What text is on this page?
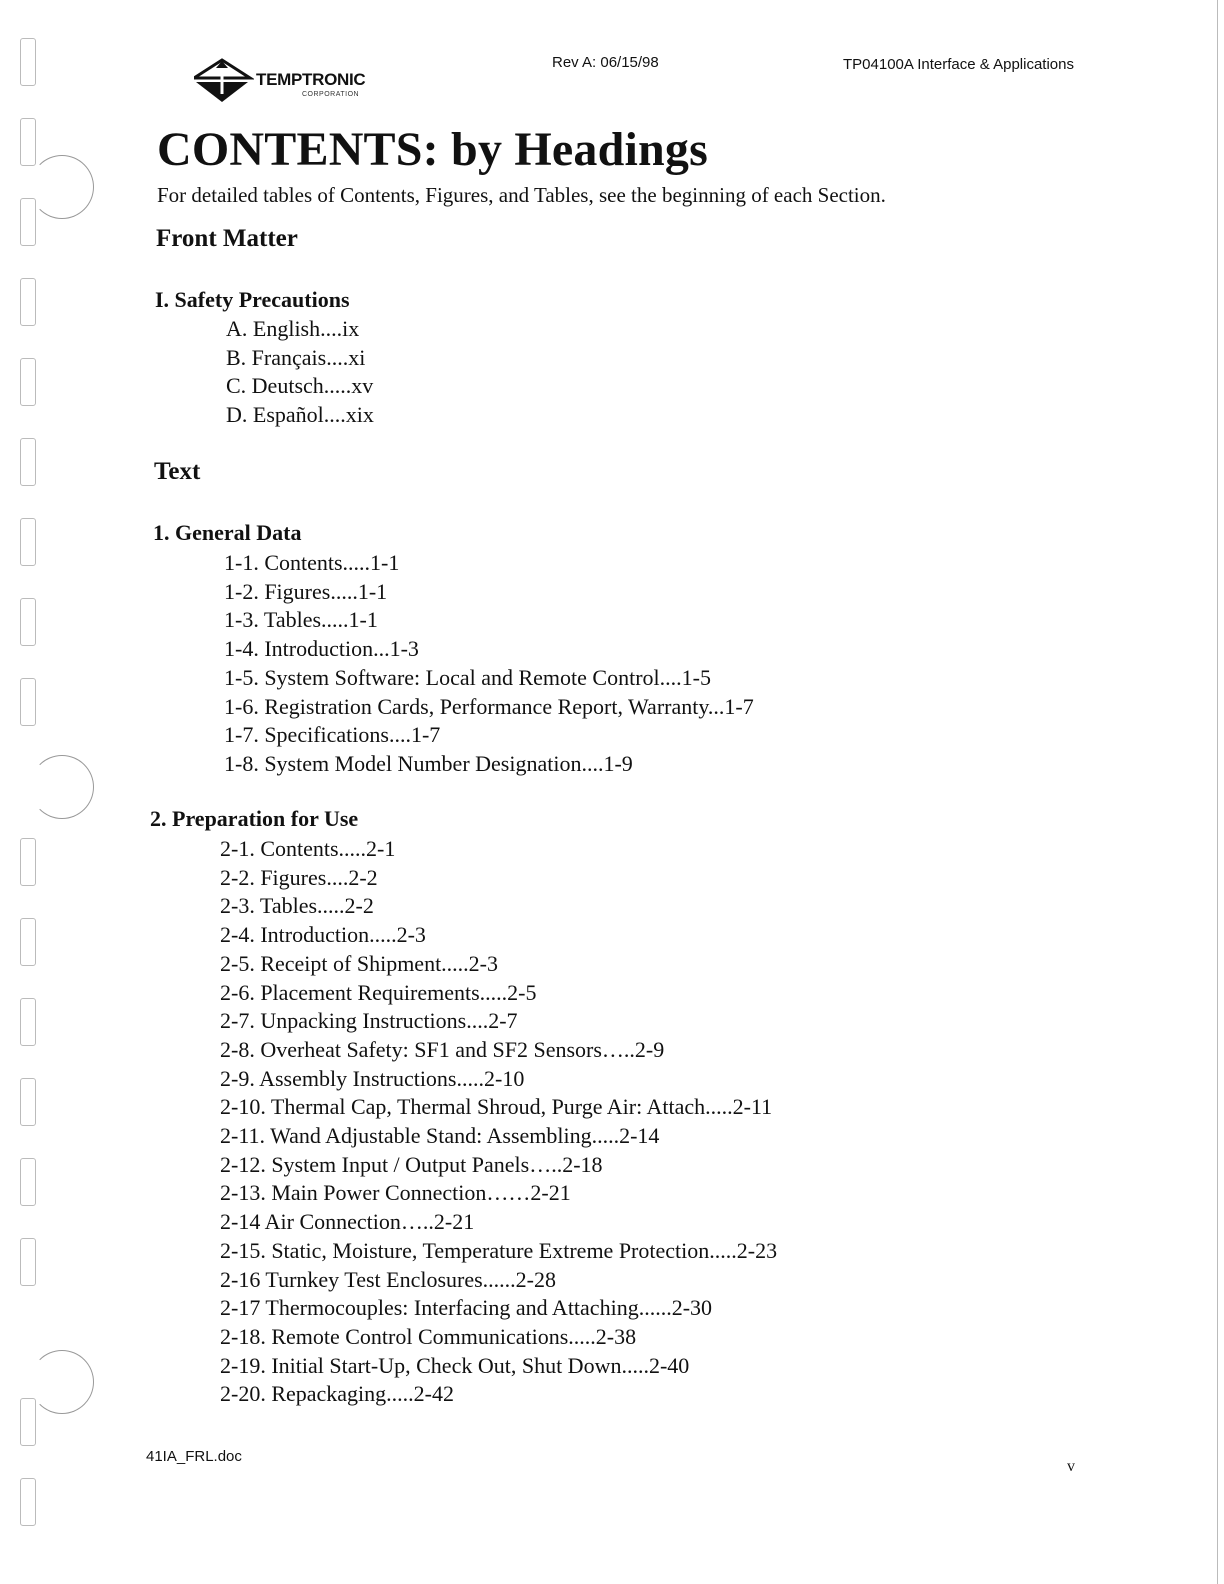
TEMPTRONIC
CORPORATION
Rev A: 06/15/98	TP04100A Interface & Applications
CONTENTS: by Headings
For detailed tables of Contents, Figures, and Tables, see the beginning of each Section.
Front Matter
I. Safety Precautions
A. English....ix
B. Français....xi
C. Deutsch.....xv
D. Español....xix
Text
1. General Data
1-1. Contents.....1-1
1-2. Figures.....1-1
1-3. Tables.....1-1
1-4. Introduction...1-3
1-5. System Software: Local and Remote Control....1-5
1-6. Registration Cards, Performance Report, Warranty...1-7
1-7. Specifications....1-7
1-8. System Model Number Designation....1-9
2. Preparation for Use
2-1. Contents.....2-1
2-2. Figures....2-2
2-3. Tables.....2-2
2-4. Introduction.....2-3
2-5. Receipt of Shipment.....2-3
2-6. Placement Requirements.....2-5
2-7. Unpacking Instructions....2-7
2-8. Overheat Safety: SF1 and SF2 Sensors…..2-9
2-9. Assembly Instructions.....2-10
2-10. Thermal Cap, Thermal Shroud, Purge Air: Attach.....2-11
2-11. Wand Adjustable Stand: Assembling.....2-14
2-12. System Input / Output Panels…..2-18
2-13. Main Power Connection……2-21
2-14 Air Connection…..2-21
2-15. Static, Moisture, Temperature Extreme Protection.....2-23
2-16 Turnkey Test Enclosures......2-28
2-17 Thermocouples: Interfacing and Attaching......2-30
2-18. Remote Control Communications.....2-38
2-19. Initial Start-Up, Check Out, Shut Down.....2-40
2-20. Repackaging.....2-42
41IA_FRL.doc
v
